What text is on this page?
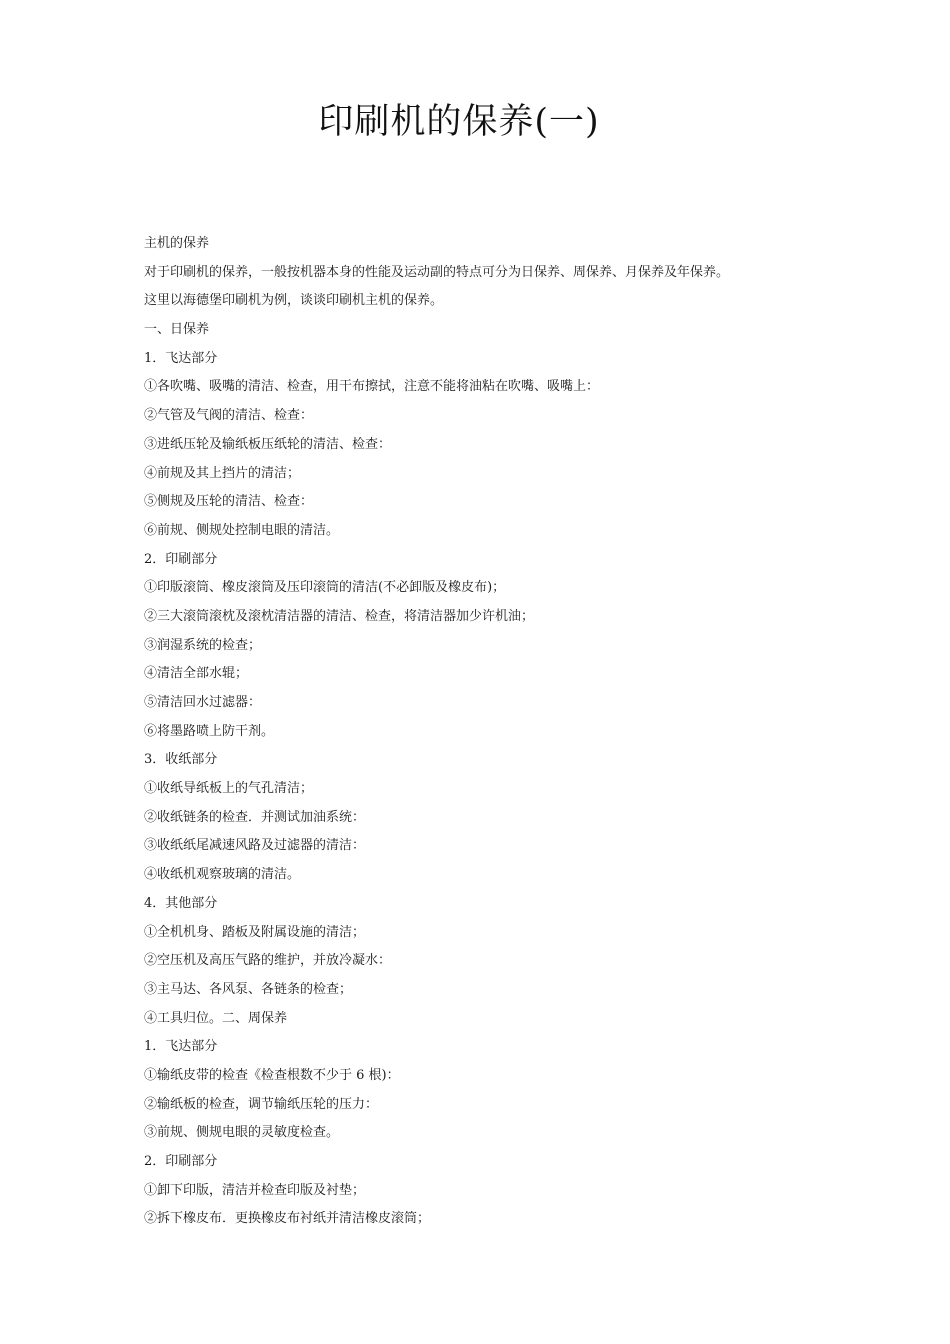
印刷机的保养(一)
主机的保养
对于印刷机的保养，一般按机器本身的性能及运动副的特点可分为日保养、周保养、月保养及年保养。
这里以海德堡印刷机为例，谈谈印刷机主机的保养。
一、日保养
1．飞达部分
①各吹嘴、吸嘴的清洁、检查，用干布擦拭，注意不能将油粘在吹嘴、吸嘴上：
②气管及气阀的清洁、检查：
③进纸压轮及输纸板压纸轮的清洁、检查：
④前规及其上挡片的清洁；
⑤侧规及压轮的清洁、检查：
⑥前规、侧规处控制电眼的清洁。
2．印刷部分
①印版滚筒、橡皮滚筒及压印滚筒的清洁(不必卸版及橡皮布)；
②三大滚筒滚枕及滚枕清洁器的清洁、检查，将清洁器加少许机油；
③润湿系统的检查；
④清洁全部水辊；
⑤清洁回水过滤器：
⑥将墨路喷上防干剂。
3．收纸部分
①收纸导纸板上的气孔清洁；
②收纸链条的检查．并测试加油系统：
③收纸纸尾减速风路及过滤器的清洁：
④收纸机观察玻璃的清洁。
4．其他部分
①全机机身、踏板及附属设施的清洁；
②空压机及高压气路的维护，并放冷凝水：
③主马达、各风泵、各链条的检查；
④工具归位。二、周保养
1．飞达部分
①输纸皮带的检查《检查根数不少于 6 根)：
②输纸板的检查，调节输纸压轮的压力：
③前规、侧规电眼的灵敏度检查。
2．印刷部分
①卸下印版，清洁并检查印版及衬垫；
②拆下橡皮布．更换橡皮布衬纸并清洁橡皮滚筒；
